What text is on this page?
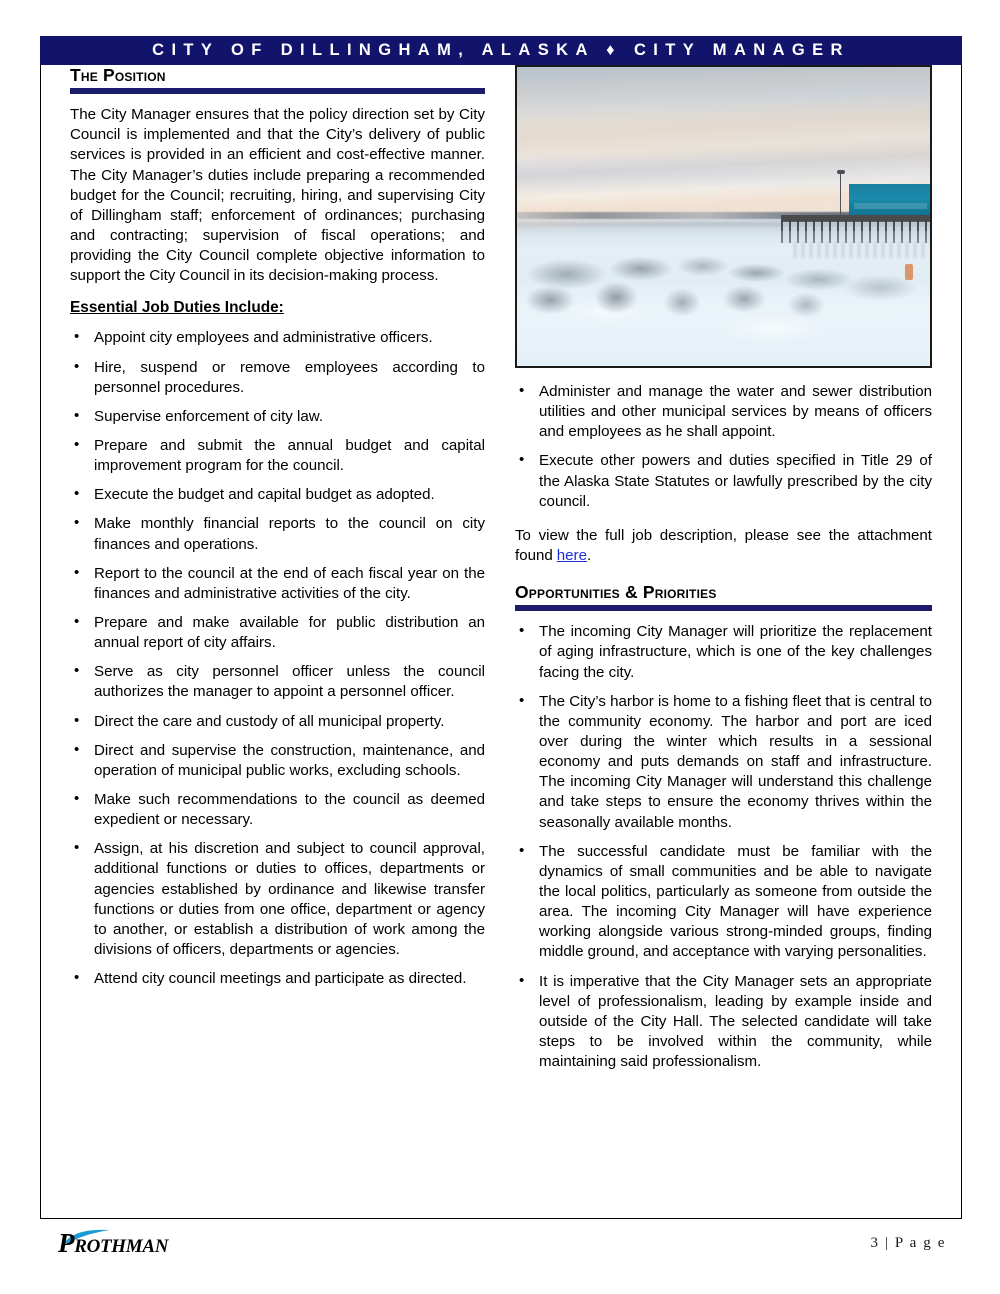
CITY OF DILLINGHAM, ALASKA ♦ CITY MANAGER
The Position

The City Manager ensures that the policy direction set by City Council is implemented and that the City’s delivery of public services is provided in an efficient and cost-effective manner. The City Manager’s duties include preparing a recommended budget for the Council; recruiting, hiring, and supervising City of Dillingham staff; enforcement of ordinances; purchasing and contracting; supervision of fiscal operations; and providing the City Council complete objective information to support the City Council in its decision-making process.

Essential Job Duties Include:
• Appoint city employees and administrative officers.
• Hire, suspend or remove employees according to personnel procedures.
• Supervise enforcement of city law.
• Prepare and submit the annual budget and capital improvement program for the council.
• Execute the budget and capital budget as adopted.
• Make monthly financial reports to the council on city finances and operations.
• Report to the council at the end of each fiscal year on the finances and administrative activities of the city.
• Prepare and make available for public distribution an annual report of city affairs.
• Serve as city personnel officer unless the council authorizes the manager to appoint a personnel officer.
• Direct the care and custody of all municipal property.
• Direct and supervise the construction, maintenance, and operation of municipal public works, excluding schools.
• Make such recommendations to the council as deemed expedient or necessary.
• Assign, at his discretion and subject to council approval, additional functions or duties to offices, departments or agencies established by ordinance and likewise transfer functions or duties from one office, department or agency to another, or establish a distribution of work among the divisions of officers, departments or agencies.
• Attend city council meetings and participate as directed.
• Administer and manage the water and sewer distribution utilities and other municipal services by means of officers and employees as he shall appoint.
• Execute other powers and duties specified in Title 29 of the Alaska State Statutes or lawfully prescribed by the city council.

To view the full job description, please see the attachment found here.

Opportunities & Priorities
• The incoming City Manager will prioritize the replacement of aging infrastructure, which is one of the key challenges facing the city.
• The City’s harbor is home to a fishing fleet that is central to the community economy. The harbor and port are iced over during the winter which results in a sessional economy and puts demands on staff and infrastructure. The incoming City Manager will understand this challenge and take steps to ensure the economy thrives within the seasonally available months.
• The successful candidate must be familiar with the dynamics of small communities and be able to navigate the local politics, particularly as someone from outside the area. The incoming City Manager will have experience working alongside various strong-minded groups, finding middle ground, and acceptance with varying personalities.
• It is imperative that the City Manager sets an appropriate level of professionalism, leading by example inside and outside of the City Hall. The selected candidate will take steps to be involved within the community, while maintaining said professionalism.
Prothman	3 | P a g e
